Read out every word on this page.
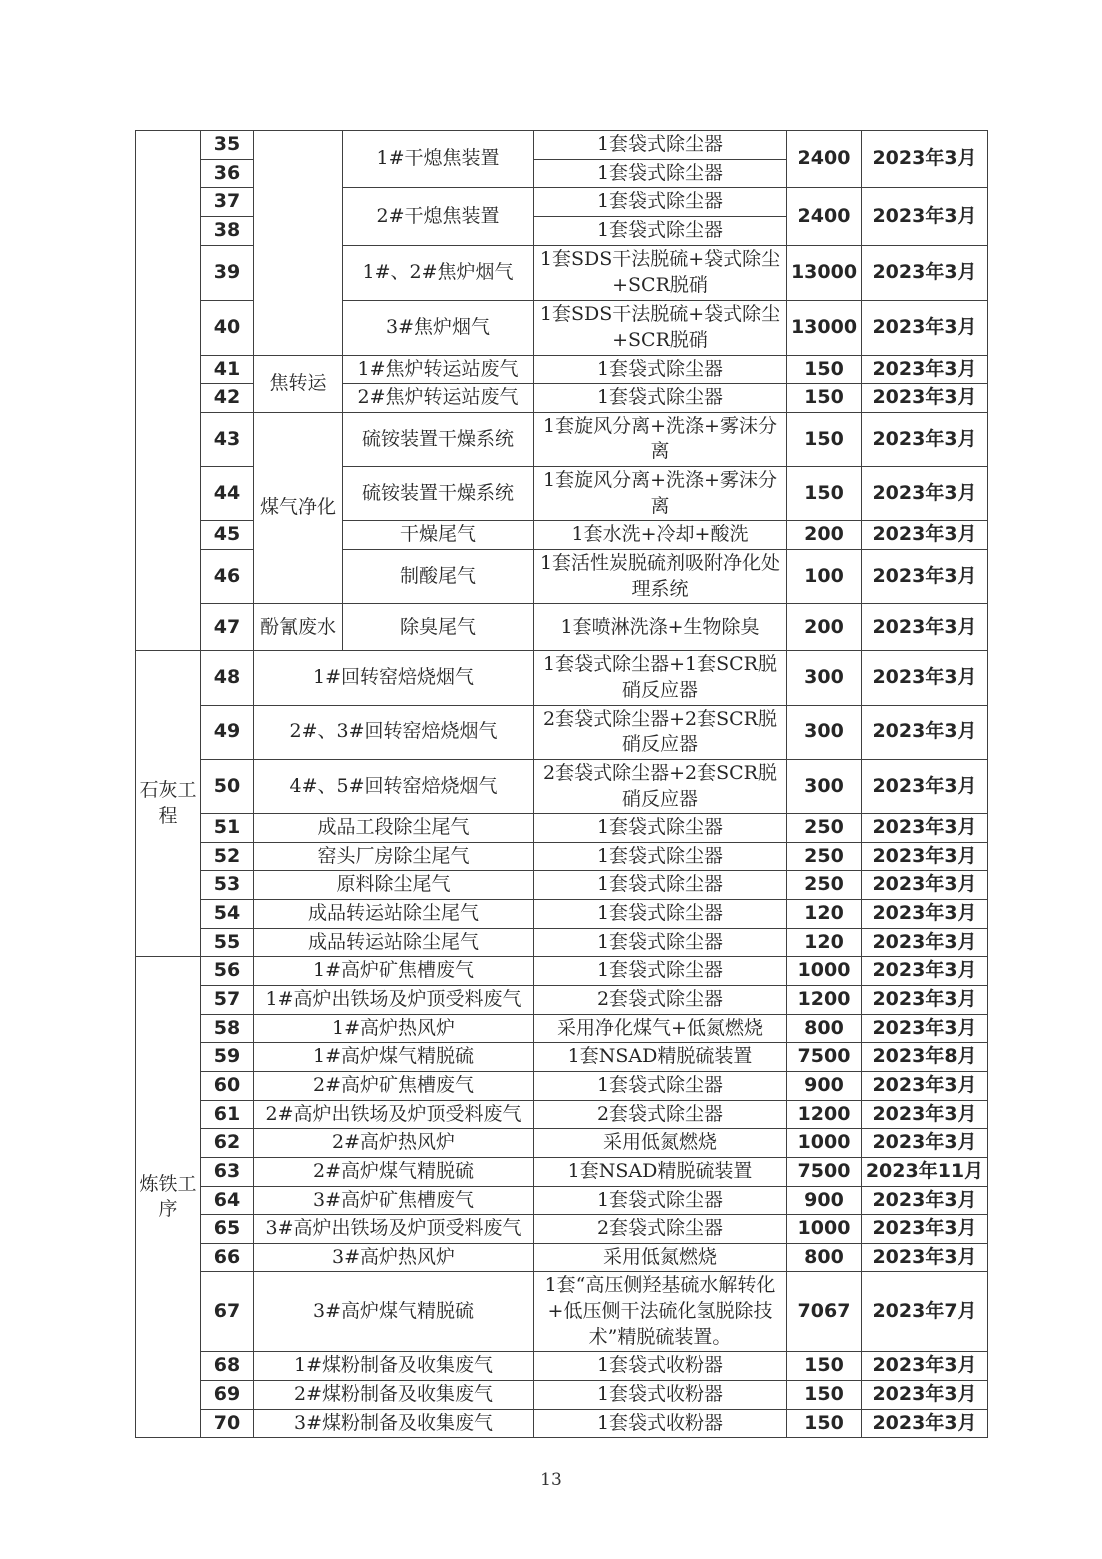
	35		1#干熄焦装置	1套袋式除尘器	2400	2023年3月
	36			1套袋式除尘器		
	37		2#干熄焦装置	1套袋式除尘器	2400	2023年3月
	38			1套袋式除尘器		
	39		1#、2#焦炉烟气	1套SDS干法脱硫+袋式除尘+SCR脱硝	13000	2023年3月
	40		3#焦炉烟气	1套SDS干法脱硫+袋式除尘+SCR脱硝	13000	2023年3月
	41	焦转运	1#焦炉转运站废气	1套袋式除尘器	150	2023年3月
	42		2#焦炉转运站废气	1套袋式除尘器	150	2023年3月
	43	煤气净化	硫铵装置干燥系统	1套旋风分离+洗涤+雾沫分离	150	2023年3月
	44		硫铵装置干燥系统	1套旋风分离+洗涤+雾沫分离	150	2023年3月
	45		干燥尾气	1套水洗+冷却+酸洗	200	2023年3月
	46		制酸尾气	1套活性炭脱硫剂吸附净化处理系统	100	2023年3月
	47	酚氰废水	除臭尾气	1套喷淋洗涤+生物除臭	200	2023年3月
石灰工程	48	1#回转窑焙烧烟气		1套袋式除尘器+1套SCR脱硝反应器	300	2023年3月
	49	2#、3#回转窑焙烧烟气		2套袋式除尘器+2套SCR脱硝反应器	300	2023年3月
	50	4#、5#回转窑焙烧烟气		2套袋式除尘器+2套SCR脱硝反应器	300	2023年3月
	51	成品工段除尘尾气		1套袋式除尘器	250	2023年3月
	52	窑头厂房除尘尾气		1套袋式除尘器	250	2023年3月
	53	原料除尘尾气		1套袋式除尘器	250	2023年3月
	54	成品转运站除尘尾气		1套袋式除尘器	120	2023年3月
	55	成品转运站除尘尾气		1套袋式除尘器	120	2023年3月
炼铁工序	56	1#高炉矿焦槽废气		1套袋式除尘器	1000	2023年3月
	57	1#高炉出铁场及炉顶受料废气		2套袋式除尘器	1200	2023年3月
	58	1#高炉热风炉		采用净化煤气+低氮燃烧	800	2023年3月
	59	1#高炉煤气精脱硫		1套NSAD精脱硫装置	7500	2023年8月
	60	2#高炉矿焦槽废气		1套袋式除尘器	900	2023年3月
	61	2#高炉出铁场及炉顶受料废气		2套袋式除尘器	1200	2023年3月
	62	2#高炉热风炉		采用低氮燃烧	1000	2023年3月
	63	2#高炉煤气精脱硫		1套NSAD精脱硫装置	7500	2023年11月
	64	3#高炉矿焦槽废气		1套袋式除尘器	900	2023年3月
	65	3#高炉出铁场及炉顶受料废气		2套袋式除尘器	1000	2023年3月
	66	3#高炉热风炉		采用低氮燃烧	800	2023年3月
	67	3#高炉煤气精脱硫		1套“高压侧羟基硫水解转化+低压侧干法硫化氢脱除技术”精脱硫装置。	7067	2023年7月
	68	1#煤粉制备及收集废气		1套袋式收粉器	150	2023年3月
	69	2#煤粉制备及收集废气		1套袋式收粉器	150	2023年3月
	70	3#煤粉制备及收集废气		1套袋式收粉器	150	2023年3月
13
